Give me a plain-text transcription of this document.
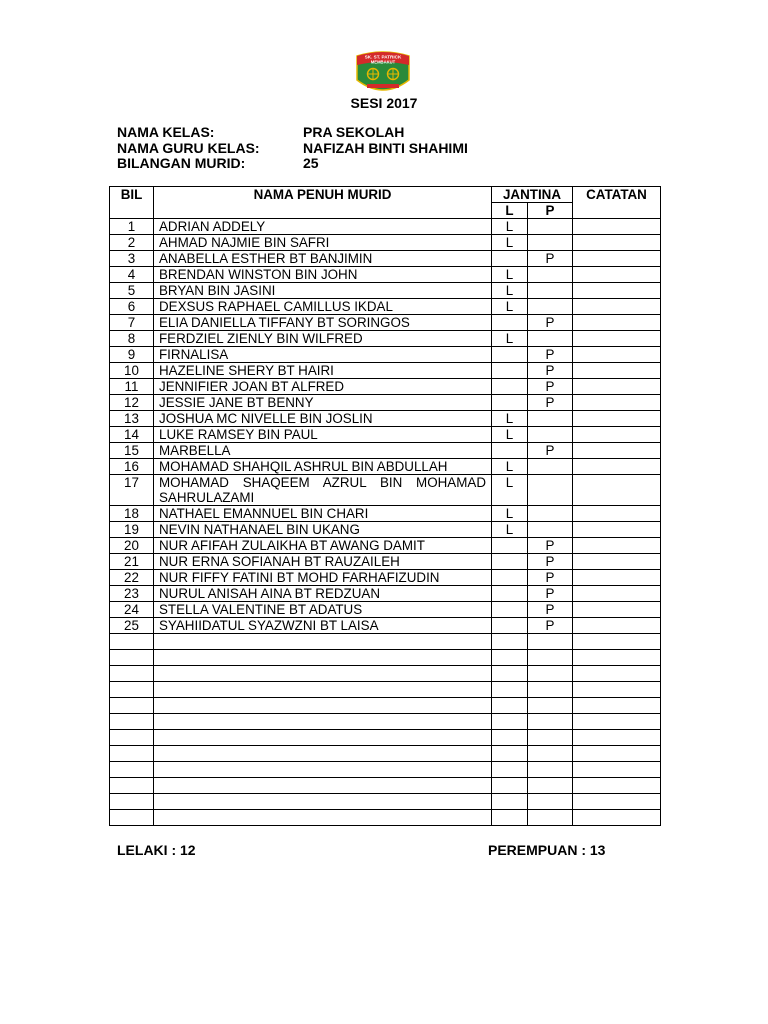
SK. ST. PATRICK
MEMBAKUT
SESI 2017
NAMA KELAS:	PRA SEKOLAH
NAMA GURU KELAS:	NAFIZAH BINTI SHAHIMI
BILANGAN MURID:	25
BIL	NAMA PENUH MURID	JANTINA		CATATAN
		L	P	
1	ADRIAN ADDELY	L		
2	AHMAD NAJMIE BIN SAFRI	L		
3	ANABELLA ESTHER BT BANJIMIN		P	
4	BRENDAN WINSTON BIN JOHN	L		
5	BRYAN BIN JASINI	L		
6	DEXSUS RAPHAEL CAMILLUS IKDAL	L		
7	ELIA DANIELLA TIFFANY BT SORINGOS		P	
8	FERDZIEL ZIENLY BIN WILFRED	L		
9	FIRNALISA		P	
10	HAZELINE SHERY BT HAIRI		P	
11	JENNIFIER JOAN BT ALFRED		P	
12	JESSIE JANE BT BENNY		P	
13	JOSHUA MC NIVELLE BIN JOSLIN	L		
14	LUKE RAMSEY BIN PAUL	L		
15	MARBELLA		P	
16	MOHAMAD SHAHQIL ASHRUL BIN ABDULLAH	L		
17	MOHAMAD SHAQEEM AZRUL BIN MOHAMAD SAHRULAZAMI	L		
18	NATHAEL EMANNUEL BIN CHARI	L		
19	NEVIN NATHANAEL BIN UKANG	L		
20	NUR AFIFAH ZULAIKHA BT AWANG DAMIT		P	
21	NUR ERNA SOFIANAH BT RAUZAILEH		P	
22	NUR FIFFY FATINI BT MOHD FARHAFIZUDIN		P	
23	NURUL ANISAH AINA BT REDZUAN		P	
24	STELLA VALENTINE BT ADATUS		P	
25	SYAHIIDATUL SYAZWZNI BT LAISA		P	

LELAKI : 12	PEREMPUAN : 13
